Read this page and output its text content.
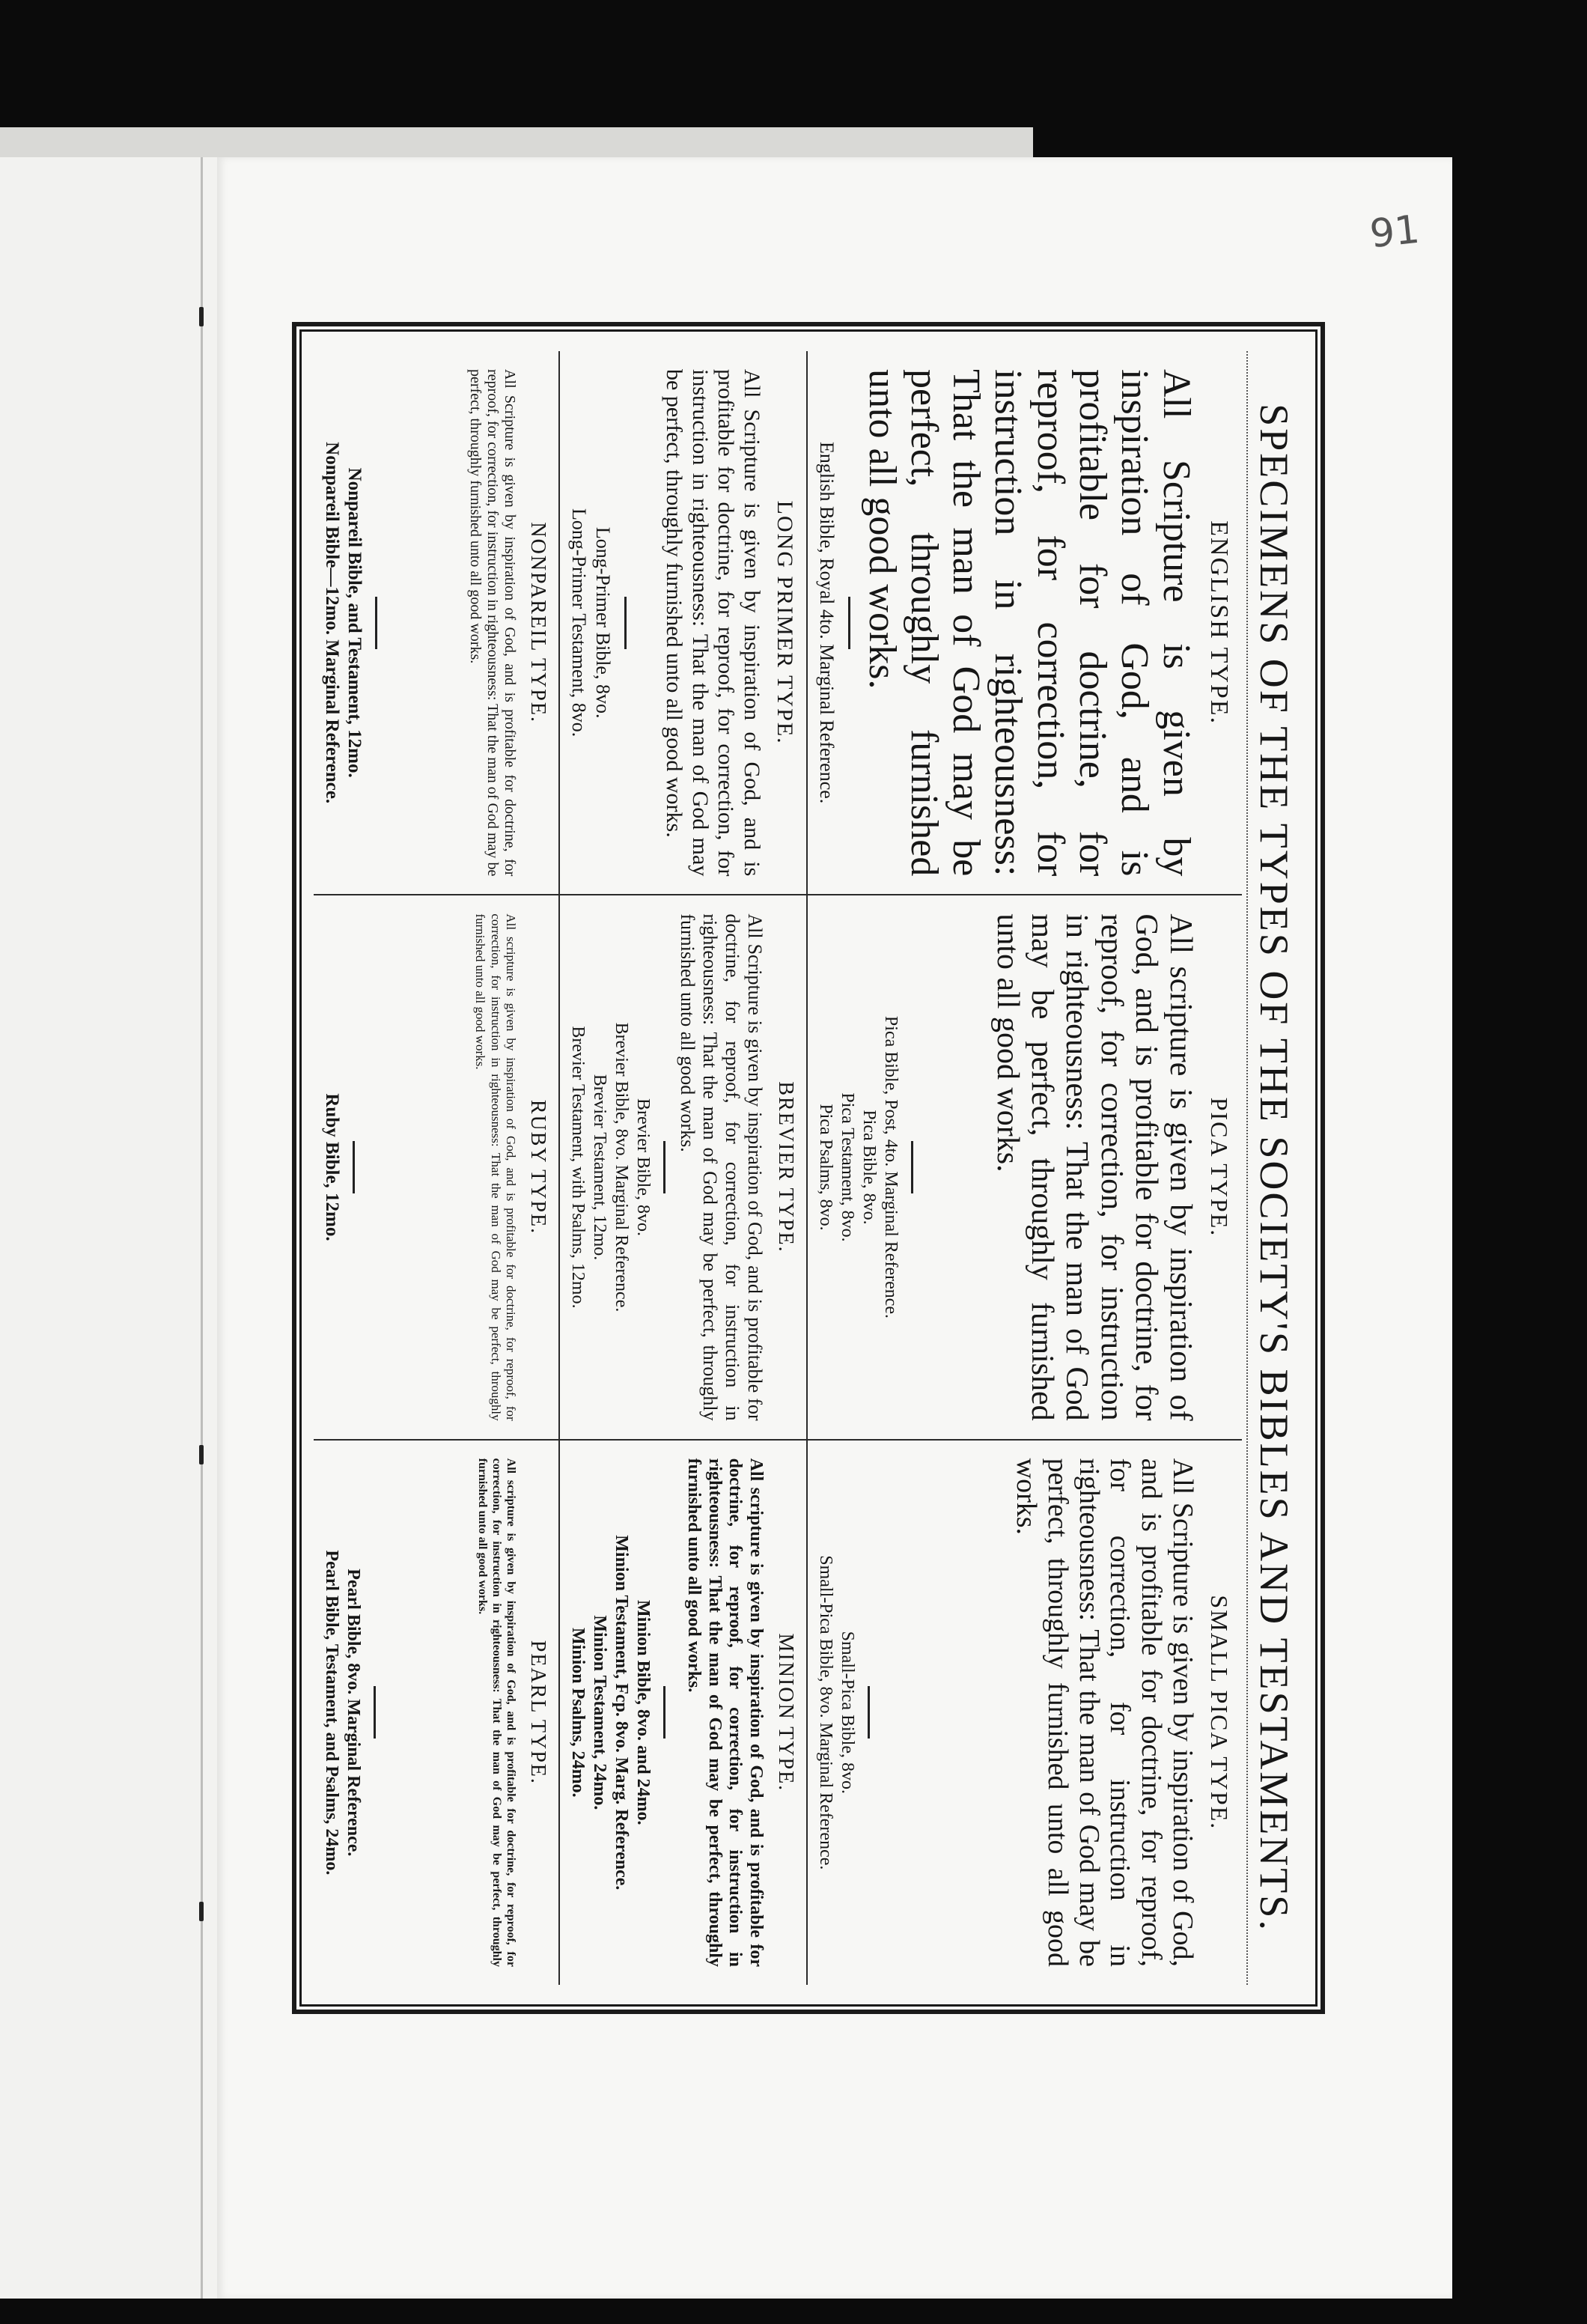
91
SPECIMENS OF THE TYPES OF THE SOCIETY'S BIBLES AND TESTAMENTS.
ENGLISH TYPE.

All Scripture is given by inspiration of God, and is profitable for doctrine, for reproof, for correction, for instruction in righteousness: That the man of God may be perfect, throughly furnished unto all good works.

English Bible, Royal 4to. Marginal Reference.
PICA TYPE.

All scripture is given by inspiration of God, and is profitable for doctrine, for reproof, for correction, for instruction in righteousness: That the man of God may be perfect, throughly furnished unto all good works.

Pica Bible, Post, 4to. Marginal Reference.
Pica Bible, 8vo.
Pica Testament, 8vo.
Pica Psalms, 8vo.
SMALL PICA TYPE.

All Scripture is given by inspiration of God, and is profitable for doctrine, for reproof, for correction, for instruction in righteousness: That the man of God may be perfect, throughly furnished unto all good works.

Small-Pica Bible, 8vo.
Small-Pica Bible, 8vo. Marginal Reference.
LONG PRIMER TYPE.

All Scripture is given by inspiration of God, and is profitable for doctrine, for reproof, for correction, for instruction in righteousness: That the man of God may be perfect, throughly furnished unto all good works.

Long-Primer Bible, 8vo.
Long-Primer Testament, 8vo.
BREVIER TYPE.

All Scripture is given by inspiration of God, and is profitable for doctrine, for reproof, for correction, for instruction in righteousness: That the man of God may be perfect, throughly furnished unto all good works.

Brevier Bible, 8vo.
Brevier Bible, 8vo. Marginal Reference.
Brevier Testament, 12mo.
Brevier Testament, with Psalms, 12mo.
MINION TYPE.

All scripture is given by inspiration of God, and is profitable for doctrine, for reproof, for correction, for instruction in righteousness: That the man of God may be perfect, throughly furnished unto all good works.

Minion Bible, 8vo. and 24mo.
Minion Testament, Fcp. 8vo. Marg. Reference.
Minion Testament, 24mo.
Minion Psalms, 24mo.
NONPAREIL TYPE.

All Scripture is given by inspiration of God, and is profitable for doctrine, for reproof, for correction, for instruction in righteousness: That the man of God may be perfect, throughly furnished unto all good works.

Nonpareil Bible, and Testament, 12mo.
Nonpareil Bible—12mo. Marginal Reference.
RUBY TYPE.

All scripture is given by inspiration of God, and is profitable for doctrine, for reproof, for correction, for instruction in righteousness: That the man of God may be perfect, throughly furnished unto all good works.

Ruby Bible, 12mo.
PEARL TYPE.

All scripture is given by inspiration of God, and is profitable for doctrine, for reproof, for correction, for instruction in righteousness: That the man of God may be perfect, throughly furnished unto all good works.

Pearl Bible, 8vo. Marginal Reference.
Pearl Bible, Testament, and Psalms, 24mo.
